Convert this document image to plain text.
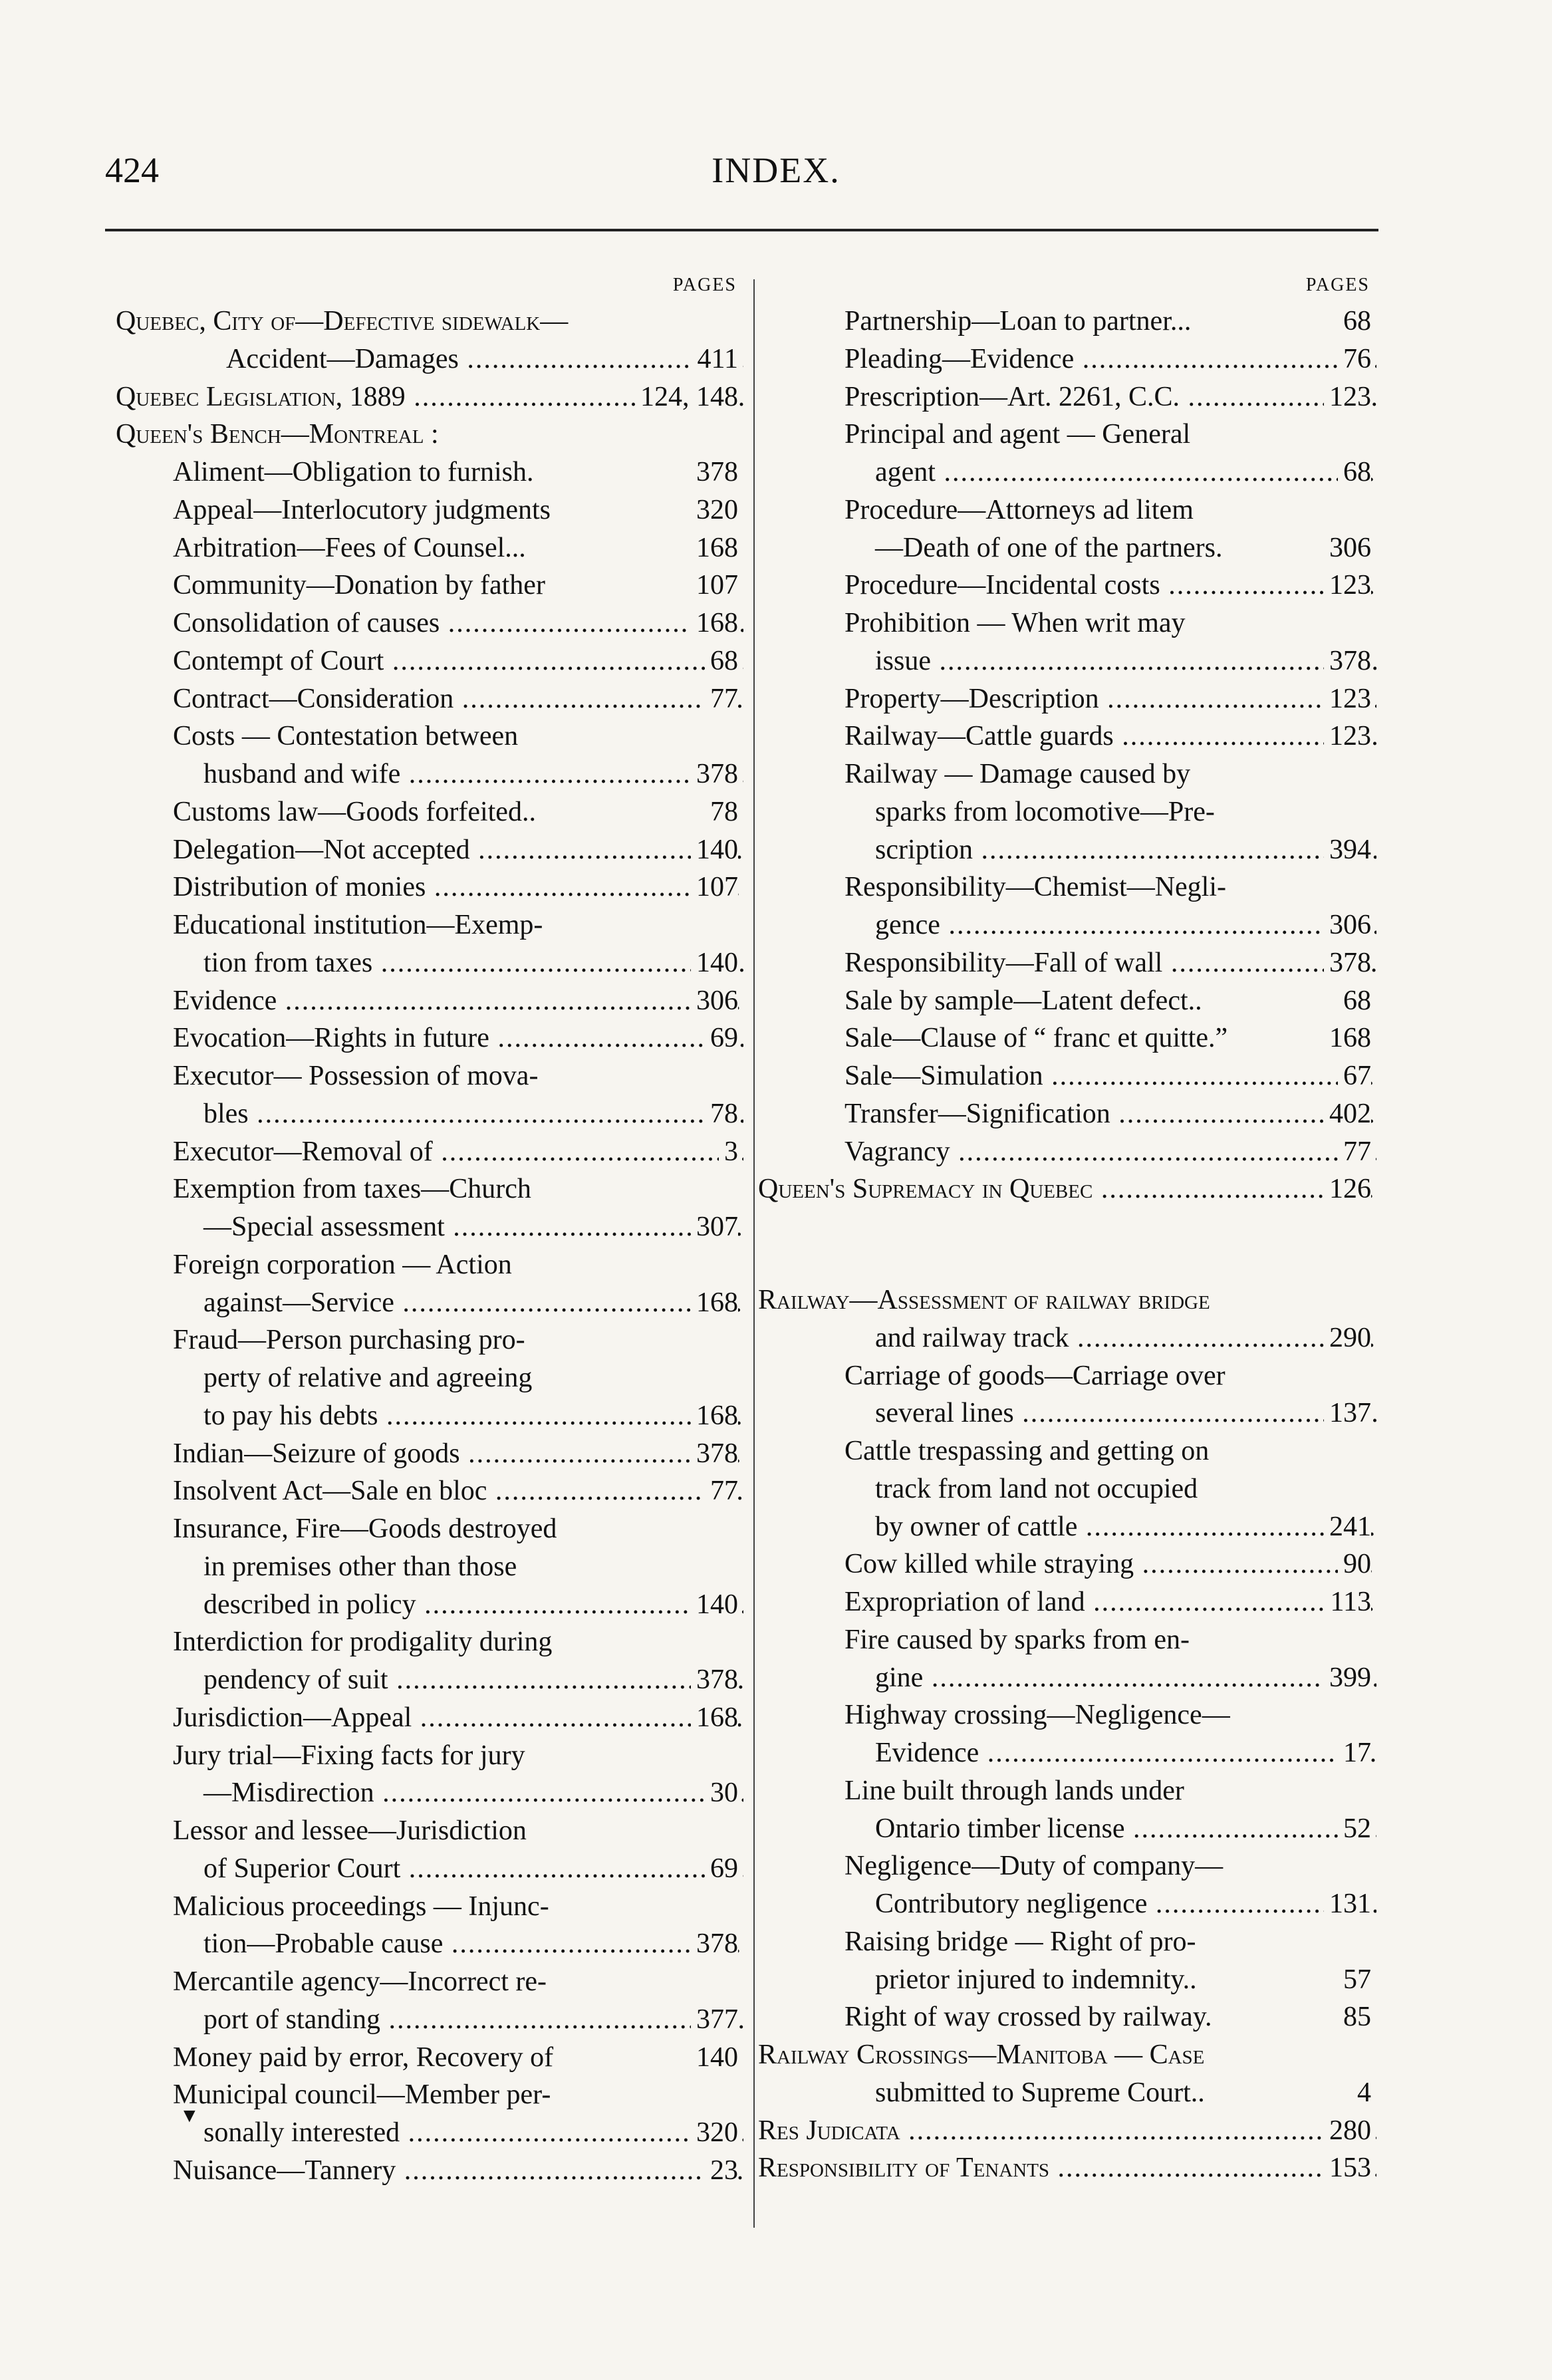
INDEX.
424
PAGES
Quebec, City of—Defective sidewalk—
Accident—Damages .....	411
Quebec Legislation, 1889 .....	124, 148
Queen's Bench—Montreal :
Aliment—Obligation to furnish.	378
Appeal—Interlocutory judgments	320
Arbitration—Fees of Counsel...	168
Community—Donation by father	107
Consolidation of causes .....	168
Contempt of Court .....	68
Contract—Consideration .....	77
Costs — Contestation between
husband and wife .....	378
Customs law—Goods forfeited..	78
Delegation—Not accepted .....	140
Distribution of monies .....	107
Educational institution—Exemp-
tion from taxes .....	140
Evidence .....	306
Evocation—Rights in future .....	69
Executor— Possession of mova-
bles .....	78
Executor—Removal of .....	3
Exemption from taxes—Church
—Special assessment .....	307
Foreign corporation — Action
against—Service .....	168
Fraud—Person purchasing pro-
perty of relative and agreeing
to pay his debts .....	168
Indian—Seizure of goods .....	378
Insolvent Act—Sale en bloc .....	77
Insurance, Fire—Goods destroyed
in premises other than those
described in policy .....	140
Interdiction for prodigality during
pendency of suit .....	378
Jurisdiction—Appeal .....	168
Jury trial—Fixing facts for jury
—Misdirection .....	30
Lessor and lessee—Jurisdiction
of Superior Court .....	69
Malicious proceedings — Injunc-
tion—Probable cause .....	378
Mercantile agency—Incorrect re-
port of standing .....	377
Money paid by error, Recovery of	140
Municipal council—Member per-
sonally interested .....	320
Nuisance—Tannery .....	23
PAGES
Partnership—Loan to partner...	68
Pleading—Evidence .....	76
Prescription—Art. 2261, C.C. .....	123
Principal and agent — General
agent .....	68
Procedure—Attorneys ad litem
—Death of one of the partners.	306
Procedure—Incidental costs .....	123
Prohibition — When writ may
issue .....	378
Property—Description .....	123
Railway—Cattle guards .....	123
Railway — Damage caused by
sparks from locomotive—Pre-
scription .....	394
Responsibility—Chemist—Negli-
gence .....	306
Responsibility—Fall of wall .....	378
Sale by sample—Latent defect..	68
Sale—Clause of “ franc et quitte.”	168
Sale—Simulation .....	67
Transfer—Signification .....	402
Vagrancy .....	77
Queen's Supremacy in Quebec .....	126
Railway—Assessment of railway bridge
and railway track .....	290
Carriage of goods—Carriage over
several lines .....	137
Cattle trespassing and getting on
track from land not occupied
by owner of cattle .....	241
Cow killed while straying .....	90
Expropriation of land .....	113
Fire caused by sparks from en-
gine .....	399
Highway crossing—Negligence—
Evidence .....	17
Line built through lands under
Ontario timber license .....	52
Negligence—Duty of company—
Contributory negligence .....	131
Raising bridge — Right of pro-
prietor injured to indemnity..	57
Right of way crossed by railway.	85
Railway Crossings—Manitoba — Case
submitted to Supreme Court..	4
Res Judicata .....	280
Responsibility of Tenants .....	153
▼
